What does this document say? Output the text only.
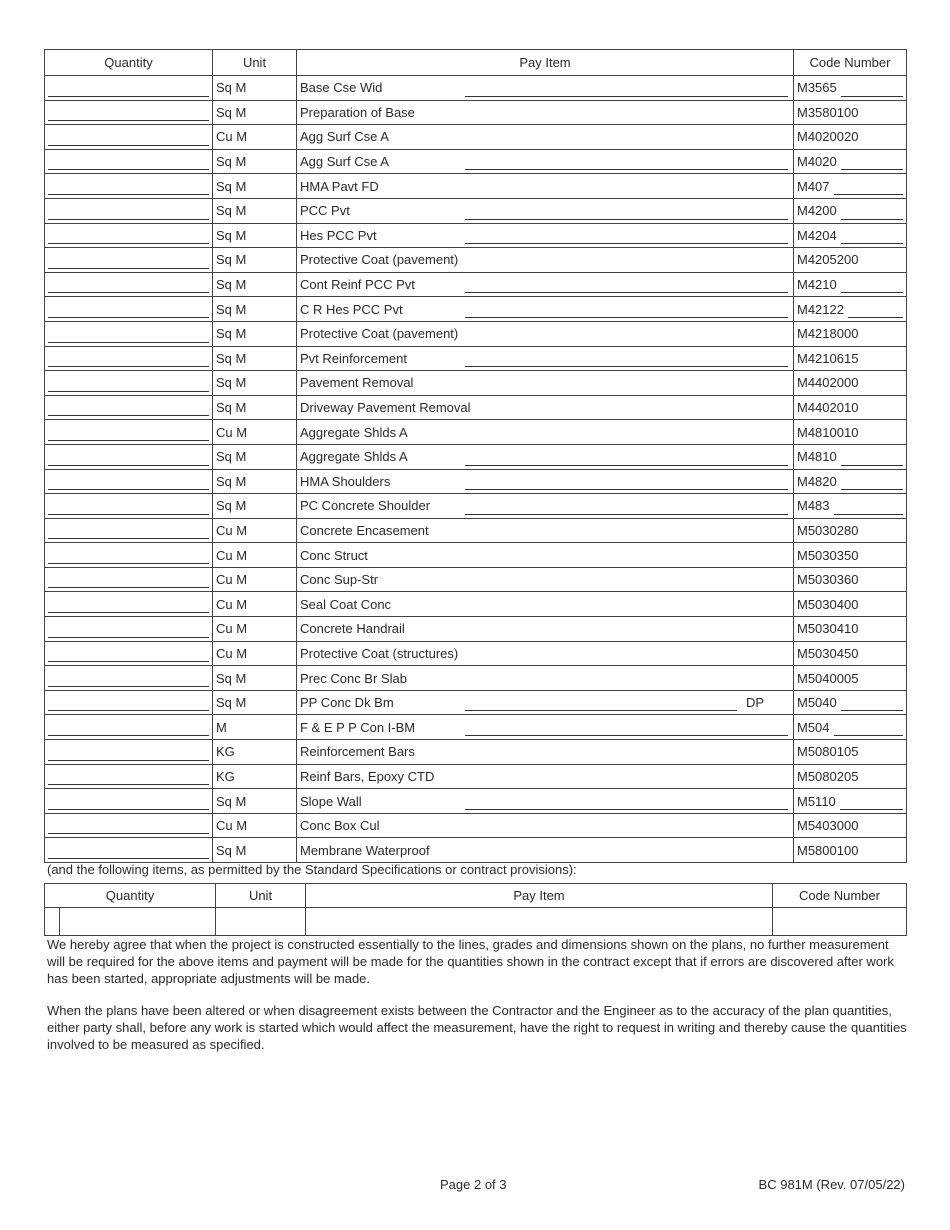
Quantity	Unit	Pay Item	Code Number

	Sq M	Base Cse Wid	M3565

	Sq M	Preparation of Base	M3580100

	Cu M	Agg Surf Cse A	M4020020

	Sq M	Agg Surf Cse A	M4020

	Sq M	HMA Pavt FD	M407

	Sq M	PCC Pvt	M4200

	Sq M	Hes PCC Pvt	M4204

	Sq M	Protective Coat (pavement)	M4205200

	Sq M	Cont Reinf PCC Pvt	M4210

	Sq M	C R Hes PCC Pvt	M42122

	Sq M	Protective Coat (pavement)	M4218000

	Sq M	Pvt Reinforcement	M4210615

	Sq M	Pavement Removal	M4402000

	Sq M	Driveway Pavement Removal	M4402010

	Cu M	Aggregate Shlds A	M4810010

	Sq M	Aggregate Shlds A	M4810

	Sq M	HMA Shoulders	M4820

	Sq M	PC Concrete Shoulder	M483

	Cu M	Concrete Encasement	M5030280

	Cu M	Conc Struct	M5030350

	Cu M	Conc Sup-Str	M5030360

	Cu M	Seal Coat Conc	M5030400

	Cu M	Concrete Handrail	M5030410

	Cu M	Protective Coat (structures)	M5030450

	Sq M	Prec Conc Br Slab	M5040005

	Sq M	PP Conc Dk Bm DP	M5040

	M	F & E P P Con I-BM	M504

	KG	Reinforcement Bars	M5080105

	KG	Reinf Bars, Epoxy CTD	M5080205

	Sq M	Slope Wall	M5110

	Cu M	Conc Box Cul	M5403000

	Sq M	Membrane Waterproof	M5800100
(and the following items, as permitted by the Standard Specifications or contract provisions):
Quantity	Unit	Pay Item	Code Number

We hereby agree that when the project is constructed essentially to the lines, grades and dimensions shown on the plans, no further measurement will be required for the above items and payment will be made for the quantities shown in the contract except that if errors are discovered after work has been started, appropriate adjustments will be made.

When the plans have been altered or when disagreement exists between the Contractor and the Engineer as to the accuracy of the plan quantities, either party shall, before any work is started which would affect the measurement, have the right to request in writing and thereby cause the quantities involved to be measured as specified.

Page 2 of 3	BC 981M (Rev. 07/05/22)
